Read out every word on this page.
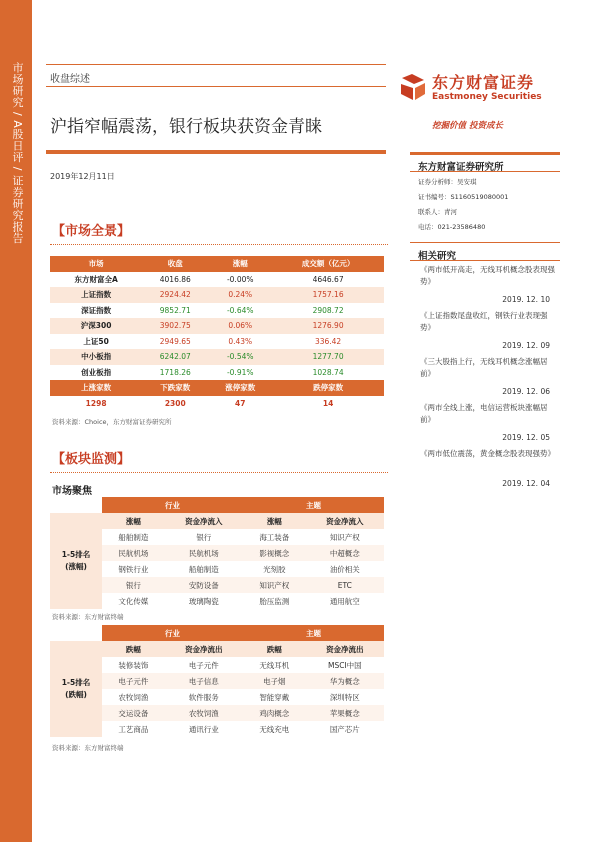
市场研究 / A股日评 / 证券研究报告	收盘综述
沪指窄幅震荡，银行板块获资金青睐
2019年12月11日
东方财富证券
Eastmoney Securities
挖掘价值 投资成长
东方财富证券研究所
证券分析师：吴安琪
证书编号：S1160519080001
联系人：青河
电话：021-23586480
相关研究
《两市低开高走，无线耳机概念股表现强势》
2019. 12. 10
《上证指数尾盘收红，钢铁行业表现强势》
2019. 12. 09
《三大股指上行，无线耳机概念涨幅居前》
2019. 12. 06
《两市全线上涨，电信运营板块涨幅居前》
2019. 12. 05
《两市低位震荡，黄金概念股表现强势》
2019. 12. 04
【市场全景】
市场	收盘	涨幅	成交额（亿元）
东方财富全A	4016.86	-0.00%	4646.67
上证指数	2924.42	0.24%	1757.16
深证指数	9852.71	-0.64%	2908.72
沪深300	3902.75	0.06%	1276.90
上证50	2949.65	0.43%	336.42
中小板指	6242.07	-0.54%	1277.70
创业板指	1718.26	-0.91%	1028.74
上涨家数	下跌家数	涨停家数	跌停家数
1298	2300	47	14
资料来源：Choice，东方财富证券研究所
【板块监测】
市场聚焦
	行业		主题	
1-5排名
(涨幅)	涨幅	资金净流入	涨幅	资金净流入
	船舶制造	银行	海工装备	知识产权
	民航机场	民航机场	影视概念	中超概念
	钢铁行业	船舶制造	光刻胶	油价相关
	银行	安防设备	知识产权	ETC
	文化传媒	玻璃陶瓷	胎压监测	通用航空
资料来源：东方财富终端
	行业		主题	
1-5排名
(跌幅)	跌幅	资金净流出	跌幅	资金净流出
	装修装饰	电子元件	无线耳机	MSCI中国
	电子元件	电子信息	电子烟	华为概念
	农牧饲渔	软件服务	智能穿戴	深圳特区
	交运设备	农牧饲渔	鸡肉概念	苹果概念
	工艺商品	通讯行业	无线充电	国产芯片
资料来源：东方财富终端
